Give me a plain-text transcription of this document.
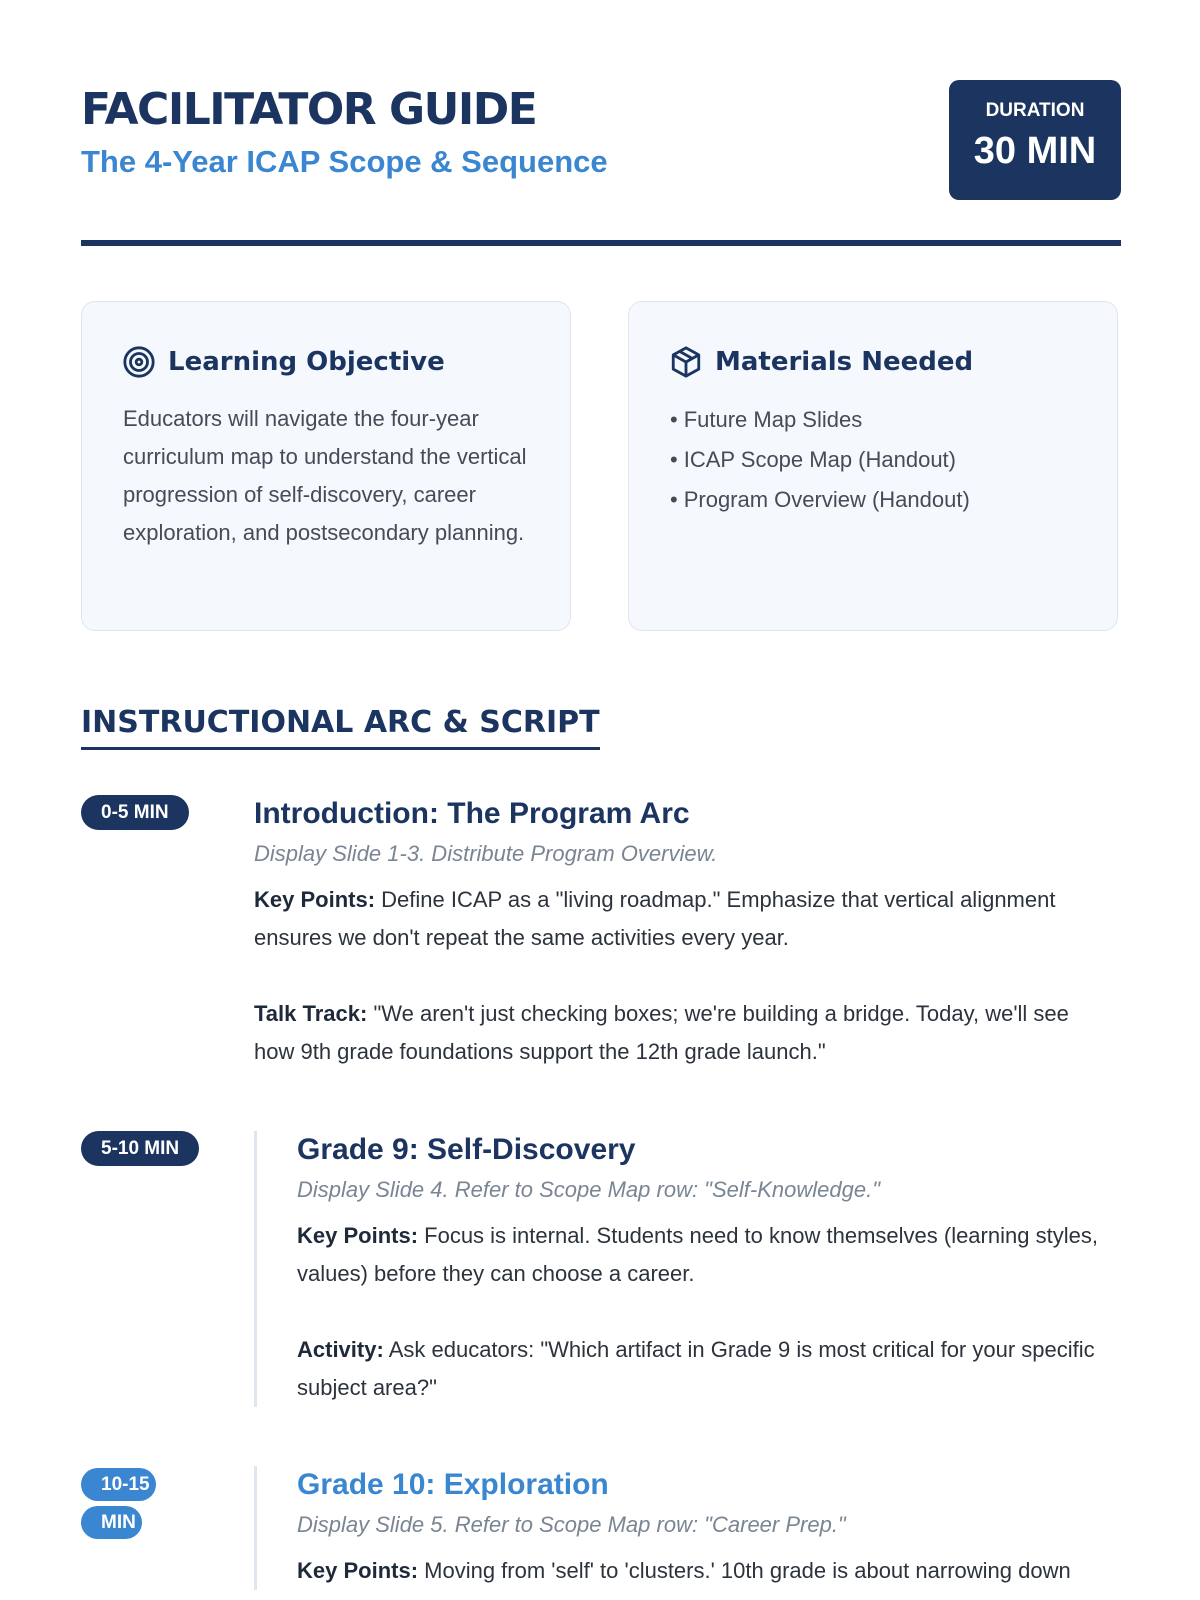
FACILITATOR GUIDE
The 4-Year ICAP Scope & Sequence
DURATION
30 MIN
Learning Objective
Educators will navigate the four-year curriculum map to understand the vertical progression of self-discovery, career exploration, and postsecondary planning.
Materials Needed
• Future Map Slides
• ICAP Scope Map (Handout)
• Program Overview (Handout)
INSTRUCTIONAL ARC & SCRIPT
0-5 MIN	Introduction: The Program Arc

Display Slide 1-3. Distribute Program Overview.

Key Points: Define ICAP as a "living roadmap." Emphasize that vertical alignment ensures we don't repeat the same activities every year.

Talk Track: "We aren't just checking boxes; we're building a bridge. Today, we'll see how 9th grade foundations support the 12th grade launch."

5-10 MIN	Grade 9: Self-Discovery

Display Slide 4. Refer to Scope Map row: "Self-Knowledge."

Key Points: Focus is internal. Students need to know themselves (learning styles, values) before they can choose a career.

Activity: Ask educators: "Which artifact in Grade 9 is most critical for your specific subject area?"

10-15 MIN
Grade 10: Exploration

Display Slide 5. Refer to Scope Map row: "Career Prep."

Key Points: Moving from 'self' to 'clusters.' 10th grade is about narrowing down
